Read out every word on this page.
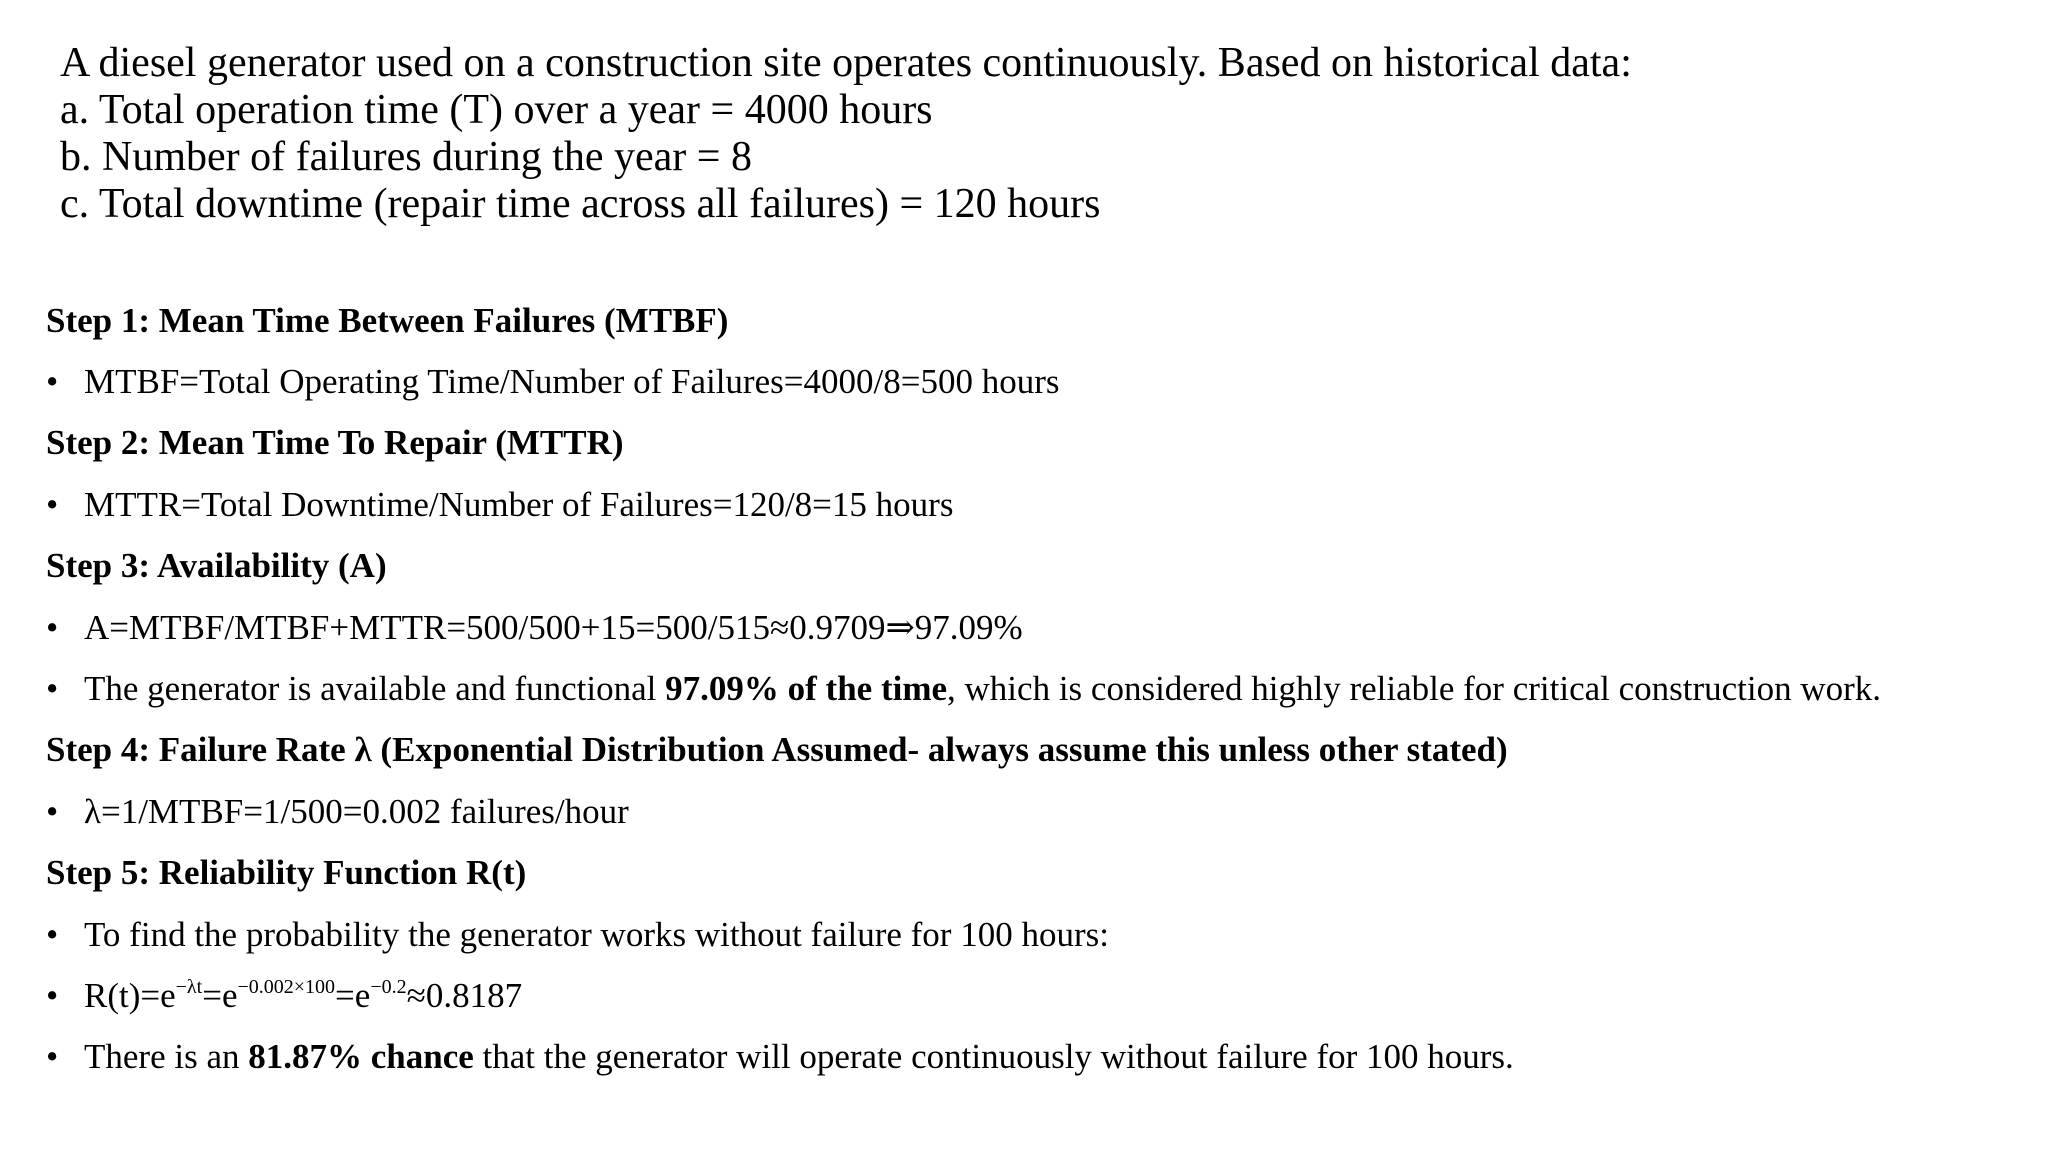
A diesel generator used on a construction site operates continuously. Based on historical data:
a. Total operation time (T) over a year = 4000 hours
b. Number of failures during the year = 8
c. Total downtime (repair time across all failures) = 120 hours
Step 1: Mean Time Between Failures (MTBF)
• MTBF=Total Operating Time/Number of Failures=4000/8=500 hours
Step 2: Mean Time To Repair (MTTR)
• MTTR=Total Downtime/Number of Failures=120/8=15 hours
Step 3: Availability (A)
• A=MTBF/MTBF+MTTR=500/500+15=500/515≈0.9709⇒97.09%
• The generator is available and functional 97.09% of the time, which is considered highly reliable for critical construction work.
Step 4: Failure Rate λ (Exponential Distribution Assumed- always assume this unless other stated)
• λ=1/MTBF=1/500=0.002 failures/hour
Step 5: Reliability Function R(t)
• To find the probability the generator works without failure for 100 hours:
• $R(t)=e^{-\lambda t}=e^{-0.002\times 100}=e^{-0.2}\approx 0.8187$
• There is an 81.87% chance that the generator will operate continuously without failure for 100 hours.
